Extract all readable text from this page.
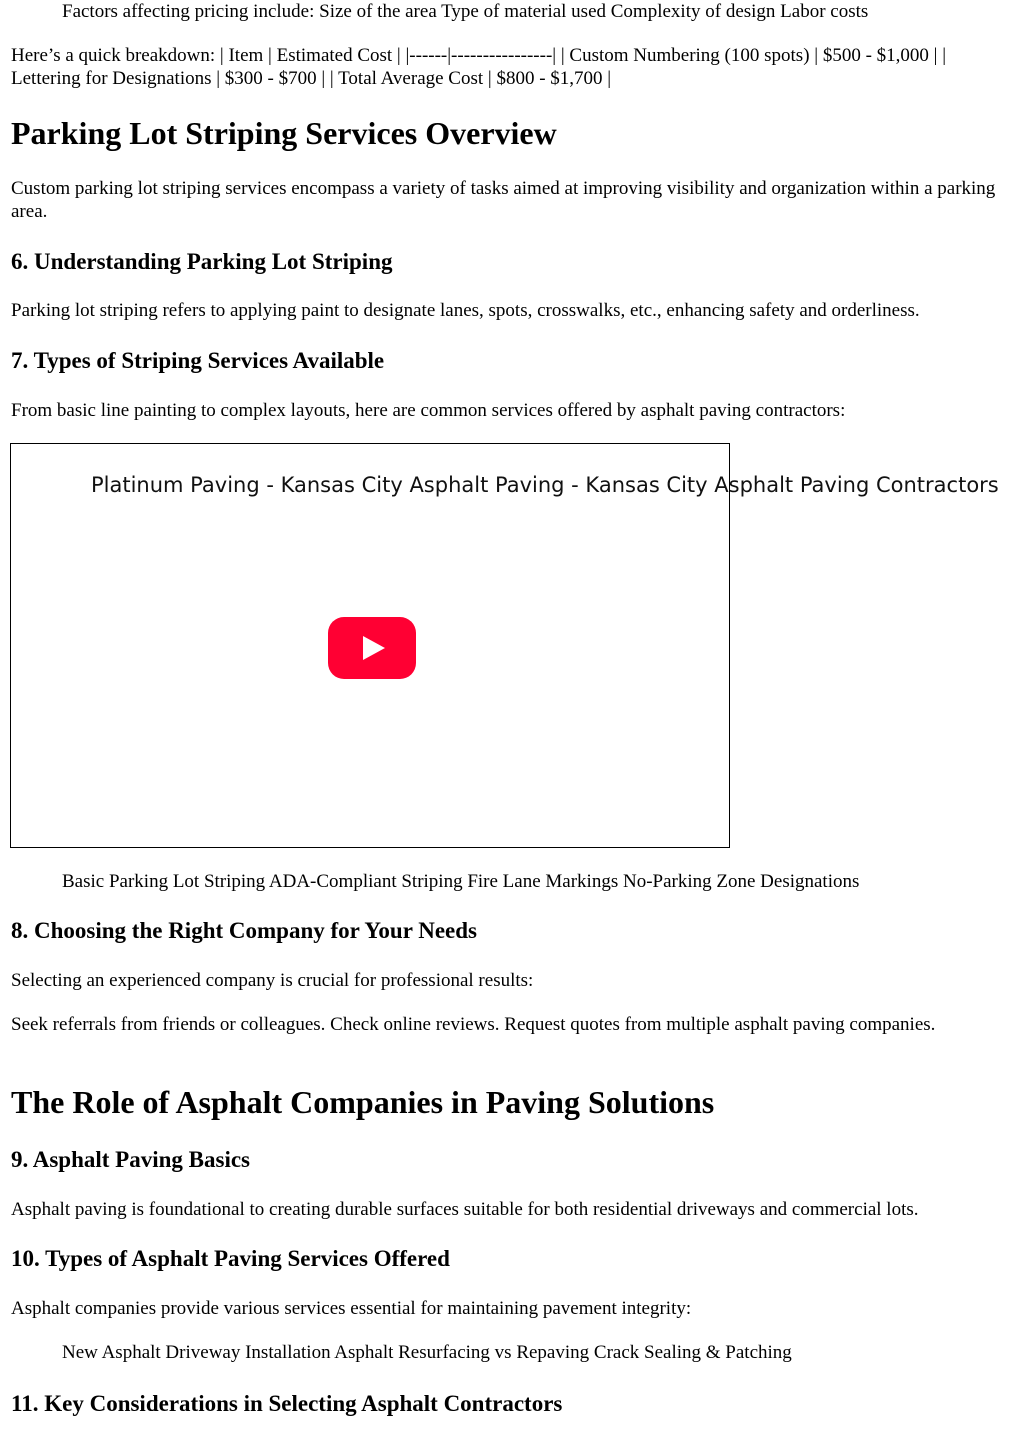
Factors affecting pricing include: Size of the area Type of material used Complexity of design Labor costs

Here’s a quick breakdown: | Item | Estimated Cost | |------|----------------| | Custom Numbering (100 spots) | $500 - $1,000 | | Lettering for Designations | $300 - $700 | | Total Average Cost | $800 - $1,700 |

Parking Lot Striping Services Overview

Custom parking lot striping services encompass a variety of tasks aimed at improving visibility and organization within a parking area.

6. Understanding Parking Lot Striping

Parking lot striping refers to applying paint to designate lanes, spots, crosswalks, etc., enhancing safety and orderliness.

7. Types of Striping Services Available

From basic line painting to complex layouts, here are common services offered by asphalt paving contractors:

Platinum Paving - Kansas City Asphalt Paving - Kansas City Asphalt Paving Contractors

Basic Parking Lot Striping ADA-Compliant Striping Fire Lane Markings No-Parking Zone Designations

8. Choosing the Right Company for Your Needs

Selecting an experienced company is crucial for professional results:

Seek referrals from friends or colleagues. Check online reviews. Request quotes from multiple asphalt paving companies.

The Role of Asphalt Companies in Paving Solutions
9. Asphalt Paving Basics

Asphalt paving is foundational to creating durable surfaces suitable for both residential driveways and commercial lots.

10. Types of Asphalt Paving Services Offered

Asphalt companies provide various services essential for maintaining pavement integrity:

New Asphalt Driveway Installation Asphalt Resurfacing vs Repaving Crack Sealing & Patching

11. Key Considerations in Selecting Asphalt Contractors
